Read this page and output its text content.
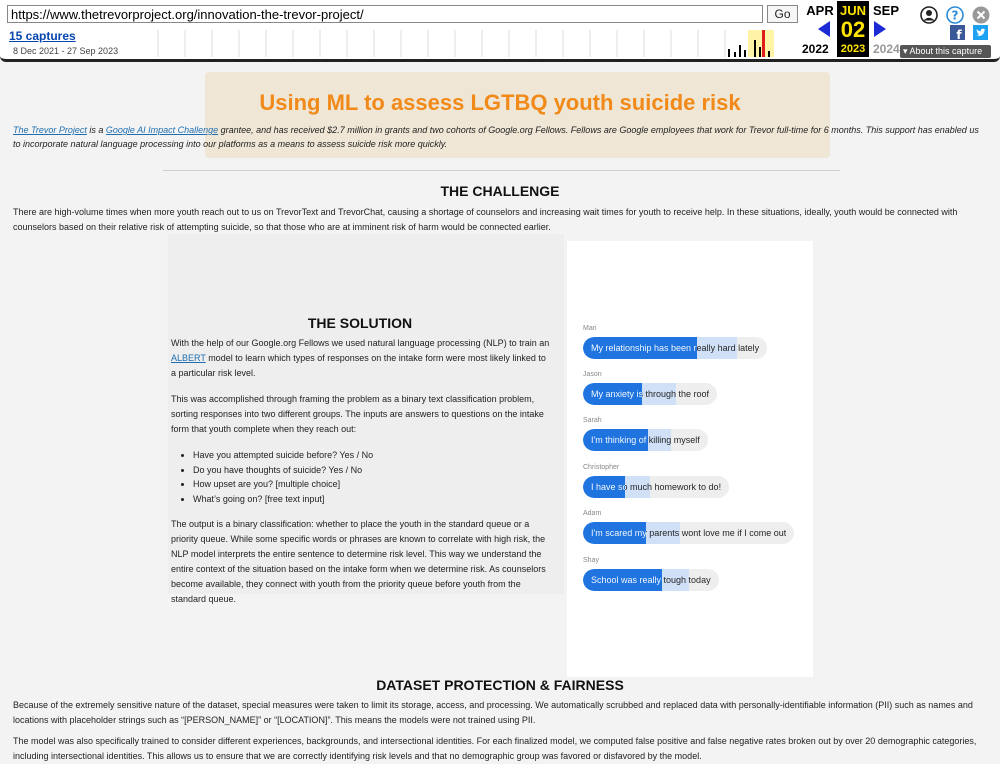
https://www.thetrevorproject.org/innovation-the-trevor-project/
Go
15 captures
8 Dec 2021 - 27 Sep 2023
APR	SEP
JUN
02
2023
2022	2024
?
f
▾ About this capture
Using ML to assess LGTBQ youth suicide risk

The Trevor Project is a Google AI Impact Challenge grantee, and has received $2.7 million in grants and two cohorts of Google.org Fellows. Fellows are Google employees that work for Trevor full-time for 6 months. This support has enabled us to incorporate natural language processing into our platforms as a means to assess suicide risk more quickly.

THE CHALLENGE

There are high-volume times when more youth reach out to us on TrevorText and TrevorChat, causing a shortage of counselors and increasing wait times for youth to receive help. In these situations, ideally, youth would be connected with counselors based on their relative risk of attempting suicide, so that those who are at imminent risk of harm would be connected earlier.

THE SOLUTION

With the help of our Google.org Fellows we used natural language processing (NLP) to train an ALBERT model to learn which types of responses on the intake form were most likely linked to a particular risk level.

This was accomplished through framing the problem as a binary text classification problem, sorting responses into two different groups. The inputs are answers to questions on the intake form that youth complete when they reach out:

• Have you attempted suicide before? Yes / No
• Do you have thoughts of suicide? Yes / No
• How upset are you? [multiple choice]
• What’s going on? [free text input]

The output is a binary classification: whether to place the youth in the standard queue or a priority queue. While some specific words or phrases are known to correlate with high risk, the NLP model interprets the entire sentence to determine risk level. This way we understand the entire context of the situation based on the intake form when we determine risk. As counselors become available, they connect with youth from the priority queue before youth from the standard queue.

Mari
My relationship has been really hard lately
Jason
My anxiety is through the roof
Sarah
I'm thinking of killing myself
Christopher
I have so much homework to do!
Adam
I'm scared my parents wont love me if I come out
Shay
School was really tough today
DATASET PROTECTION & FAIRNESS

Because of the extremely sensitive nature of the dataset, special measures were taken to limit its storage, access, and processing. We automatically scrubbed and replaced data with personally-identifiable information (PII) such as names and locations with placeholder strings such as “[PERSON_NAME]” or “[LOCATION]”. This means the models were not trained using PII.

The model was also specifically trained to consider different experiences, backgrounds, and intersectional identities. For each finalized model, we computed false positive and false negative rates broken out by over 20 demographic categories, including intersectional identities. This allows us to ensure that we are correctly identifying risk levels and that no demographic group was favored or disfavored by the model.
